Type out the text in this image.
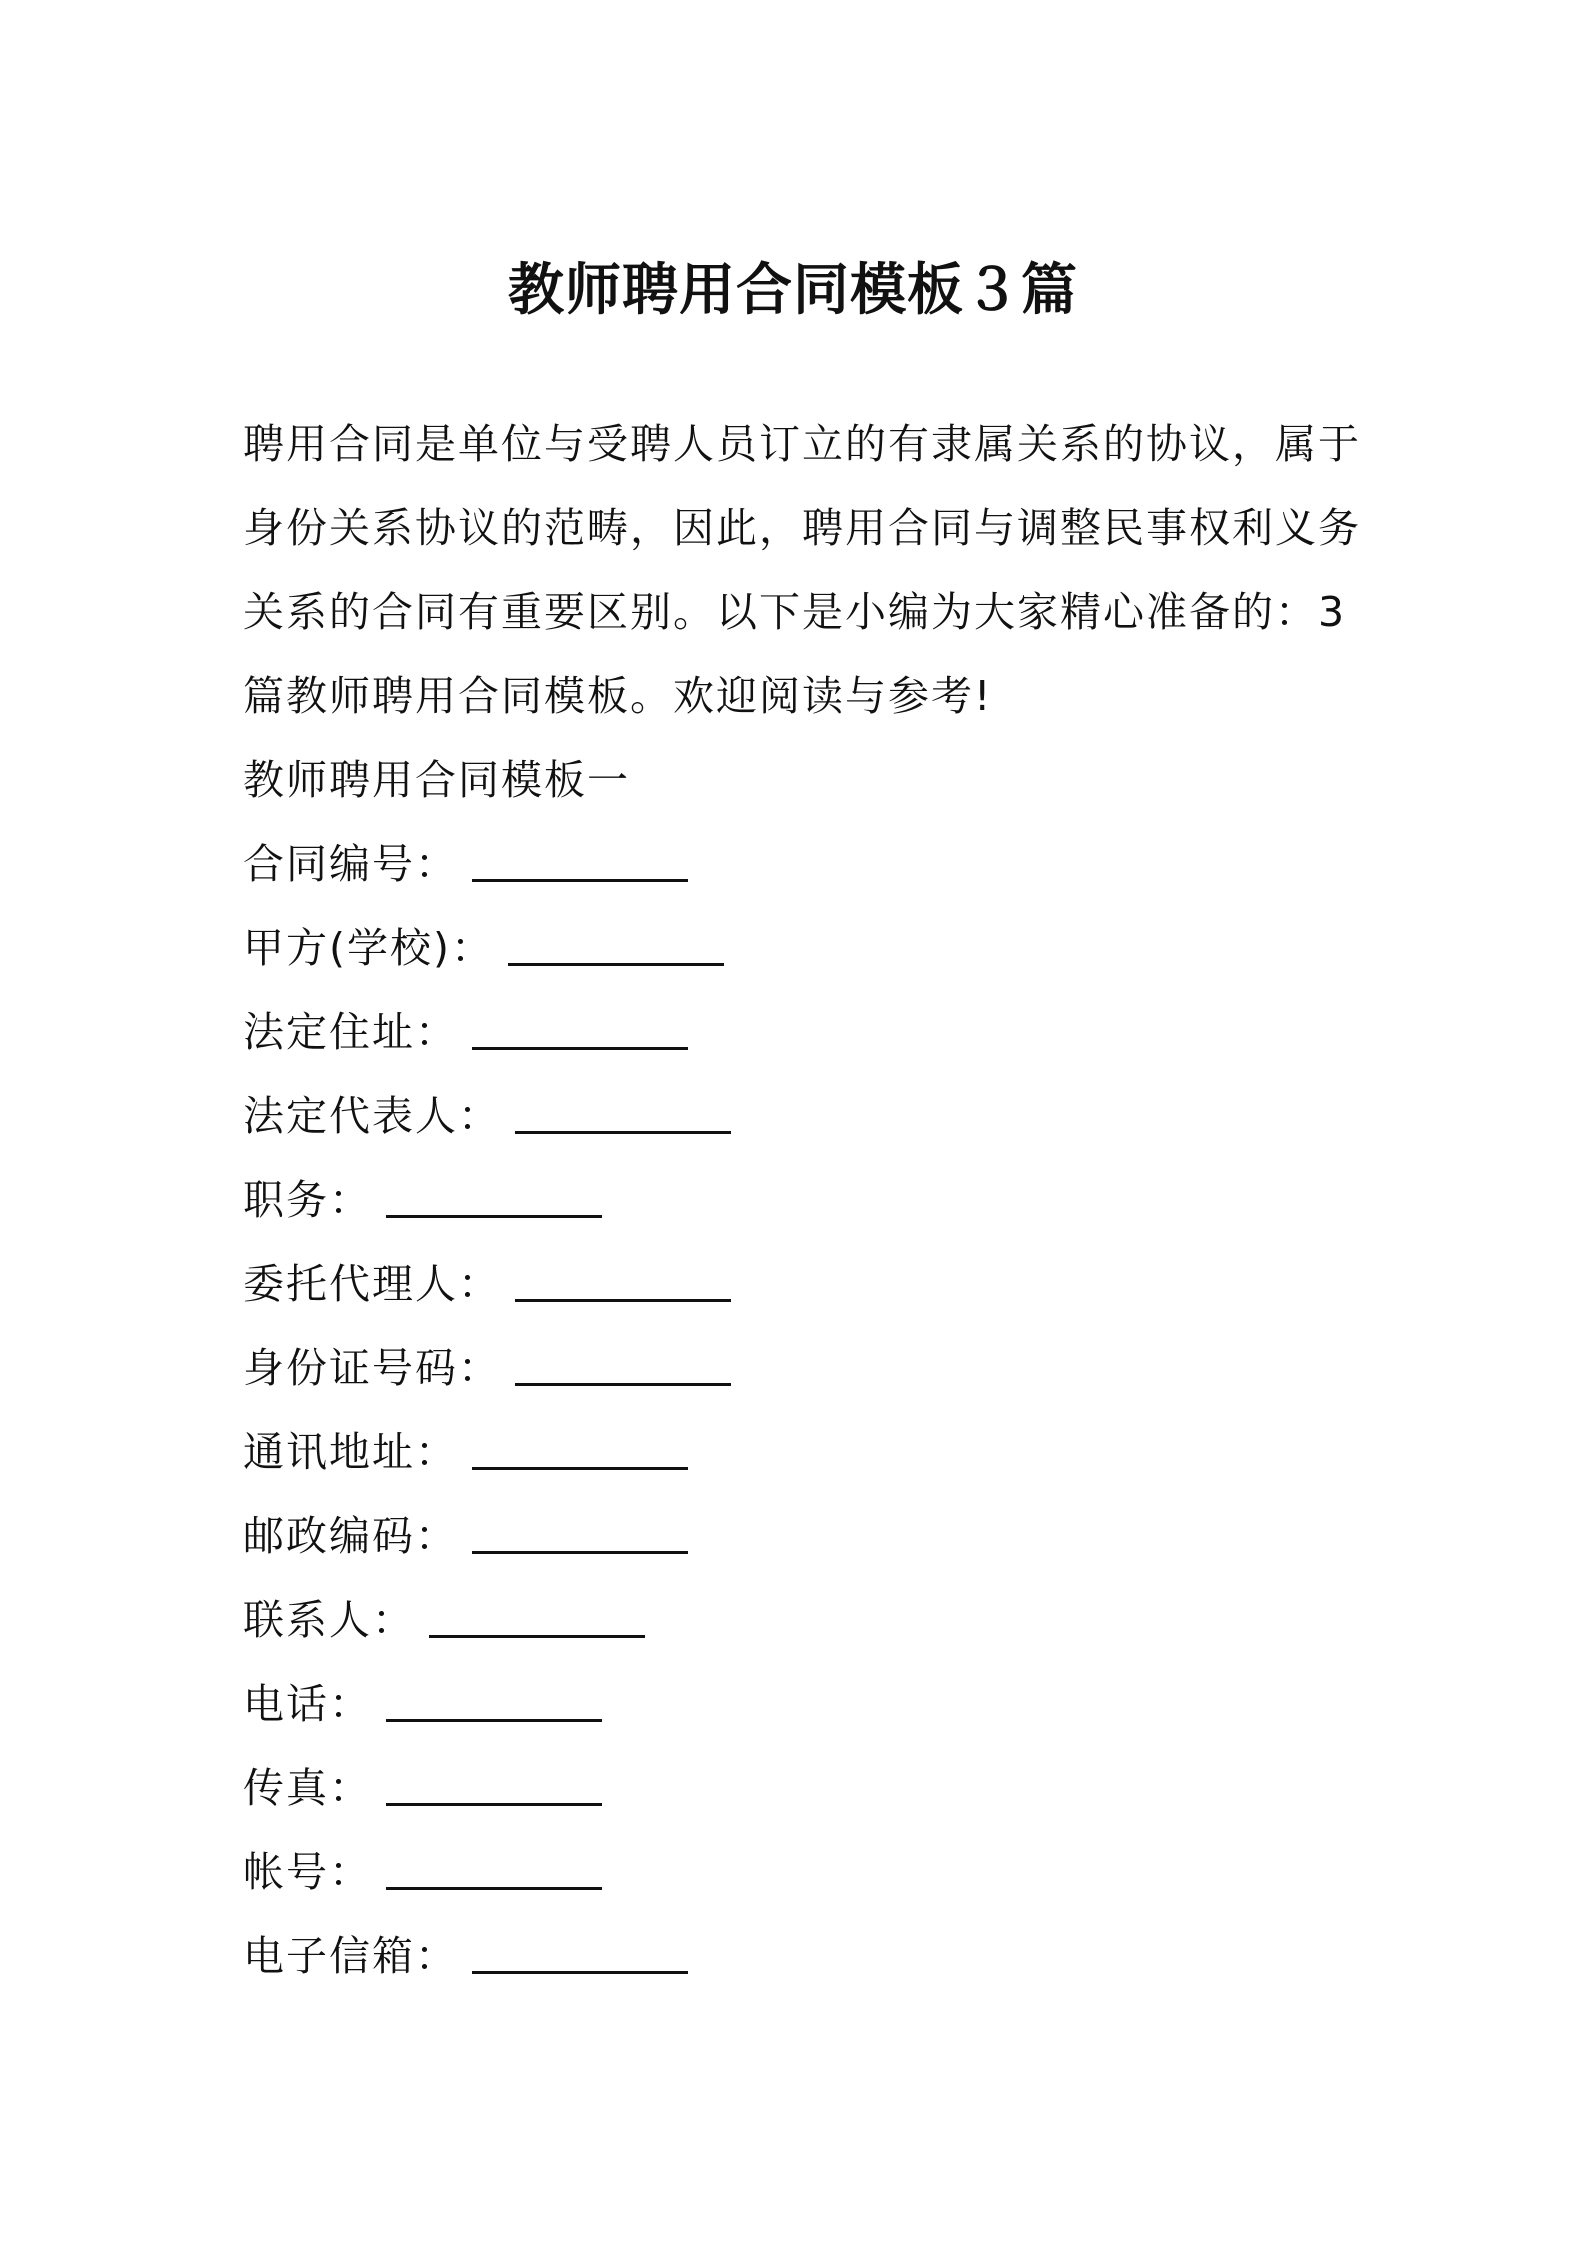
教师聘用合同模板３篇
聘用合同是单位与受聘人员订立的有隶属关系的协议，属于
身份关系协议的范畴，因此，聘用合同与调整民事权利义务
关系的合同有重要区别。以下是小编为大家精心准备的：3
篇教师聘用合同模板。欢迎阅读与参考!
教师聘用合同模板一
合同编号：
甲方(学校)：
法定住址：
法定代表人：
职务：
委托代理人：
身份证号码：
通讯地址：
邮政编码：
联系人：
电话：
传真：
帐号：
电子信箱：
